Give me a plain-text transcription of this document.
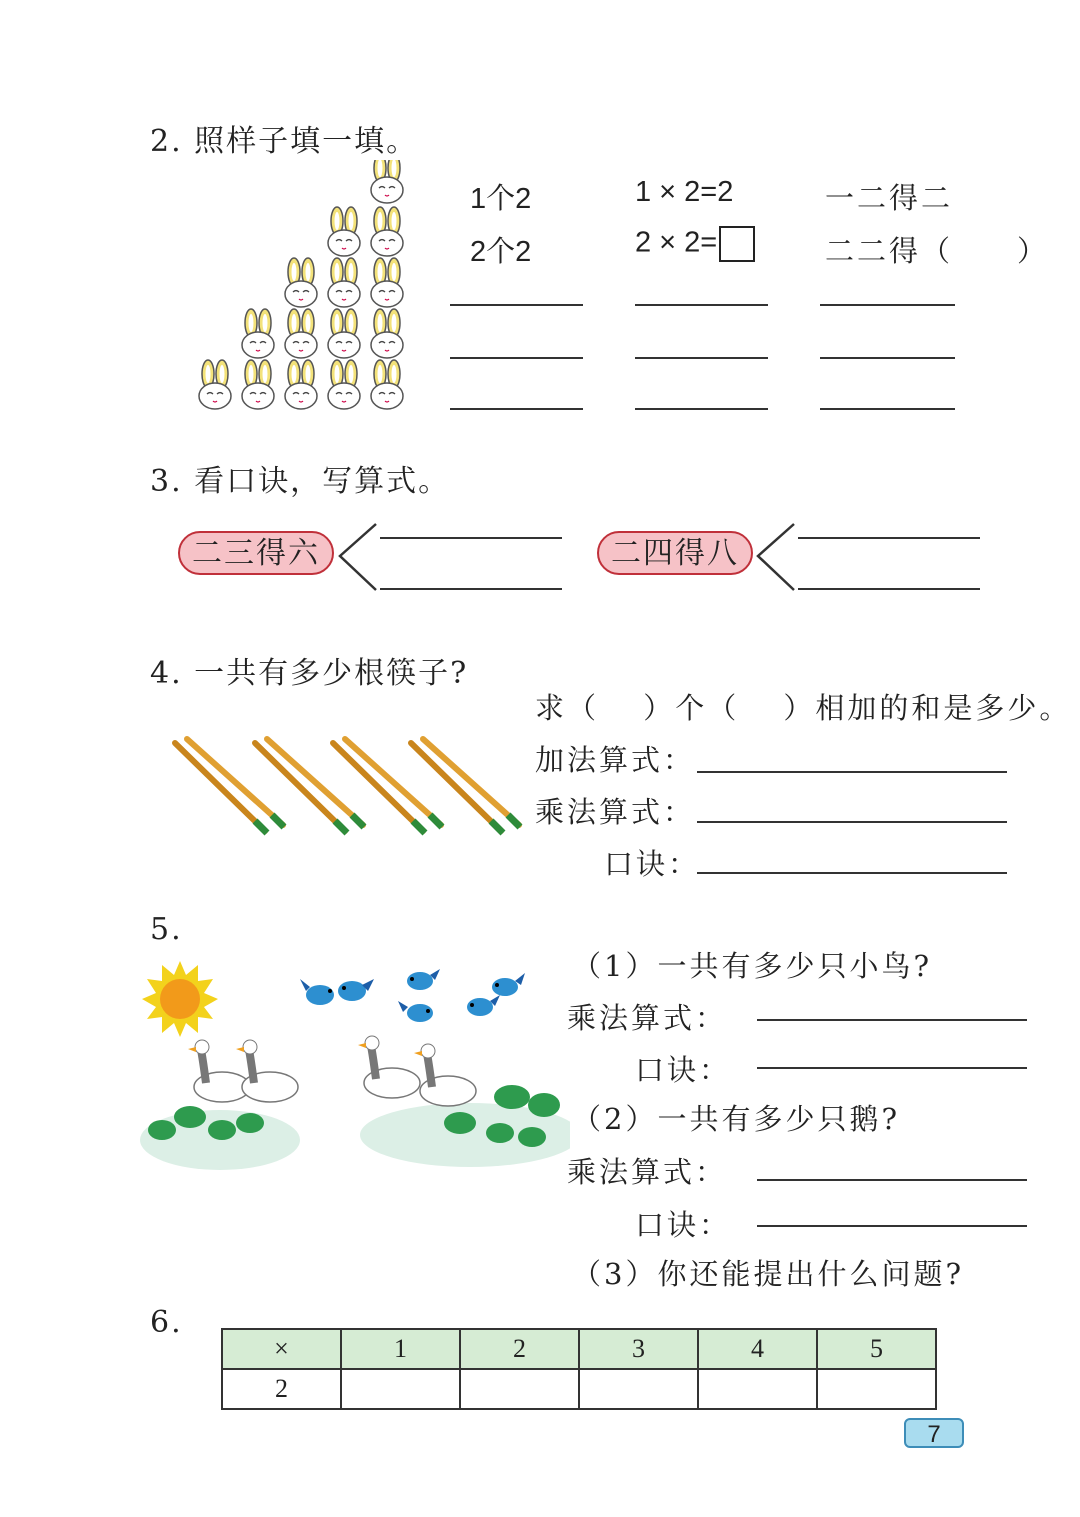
2. 照样子填一填。
1个2	1 × 2=2	一二得二
2个2	2 × 2=	二二得（　　）
3. 看口诀，写算式。
二三得六	二四得八
4. 一共有多少根筷子?
求（　 ）个（　 ）相加的和是多少。
加法算式：
乘法算式：
口诀：
5.
（1）一共有多少只小鸟?
乘法算式：
口诀：
（2）一共有多少只鹅?
乘法算式：
口诀：
（3）你还能提出什么问题?
6.
×	1	2	3	4	5
2					
7
